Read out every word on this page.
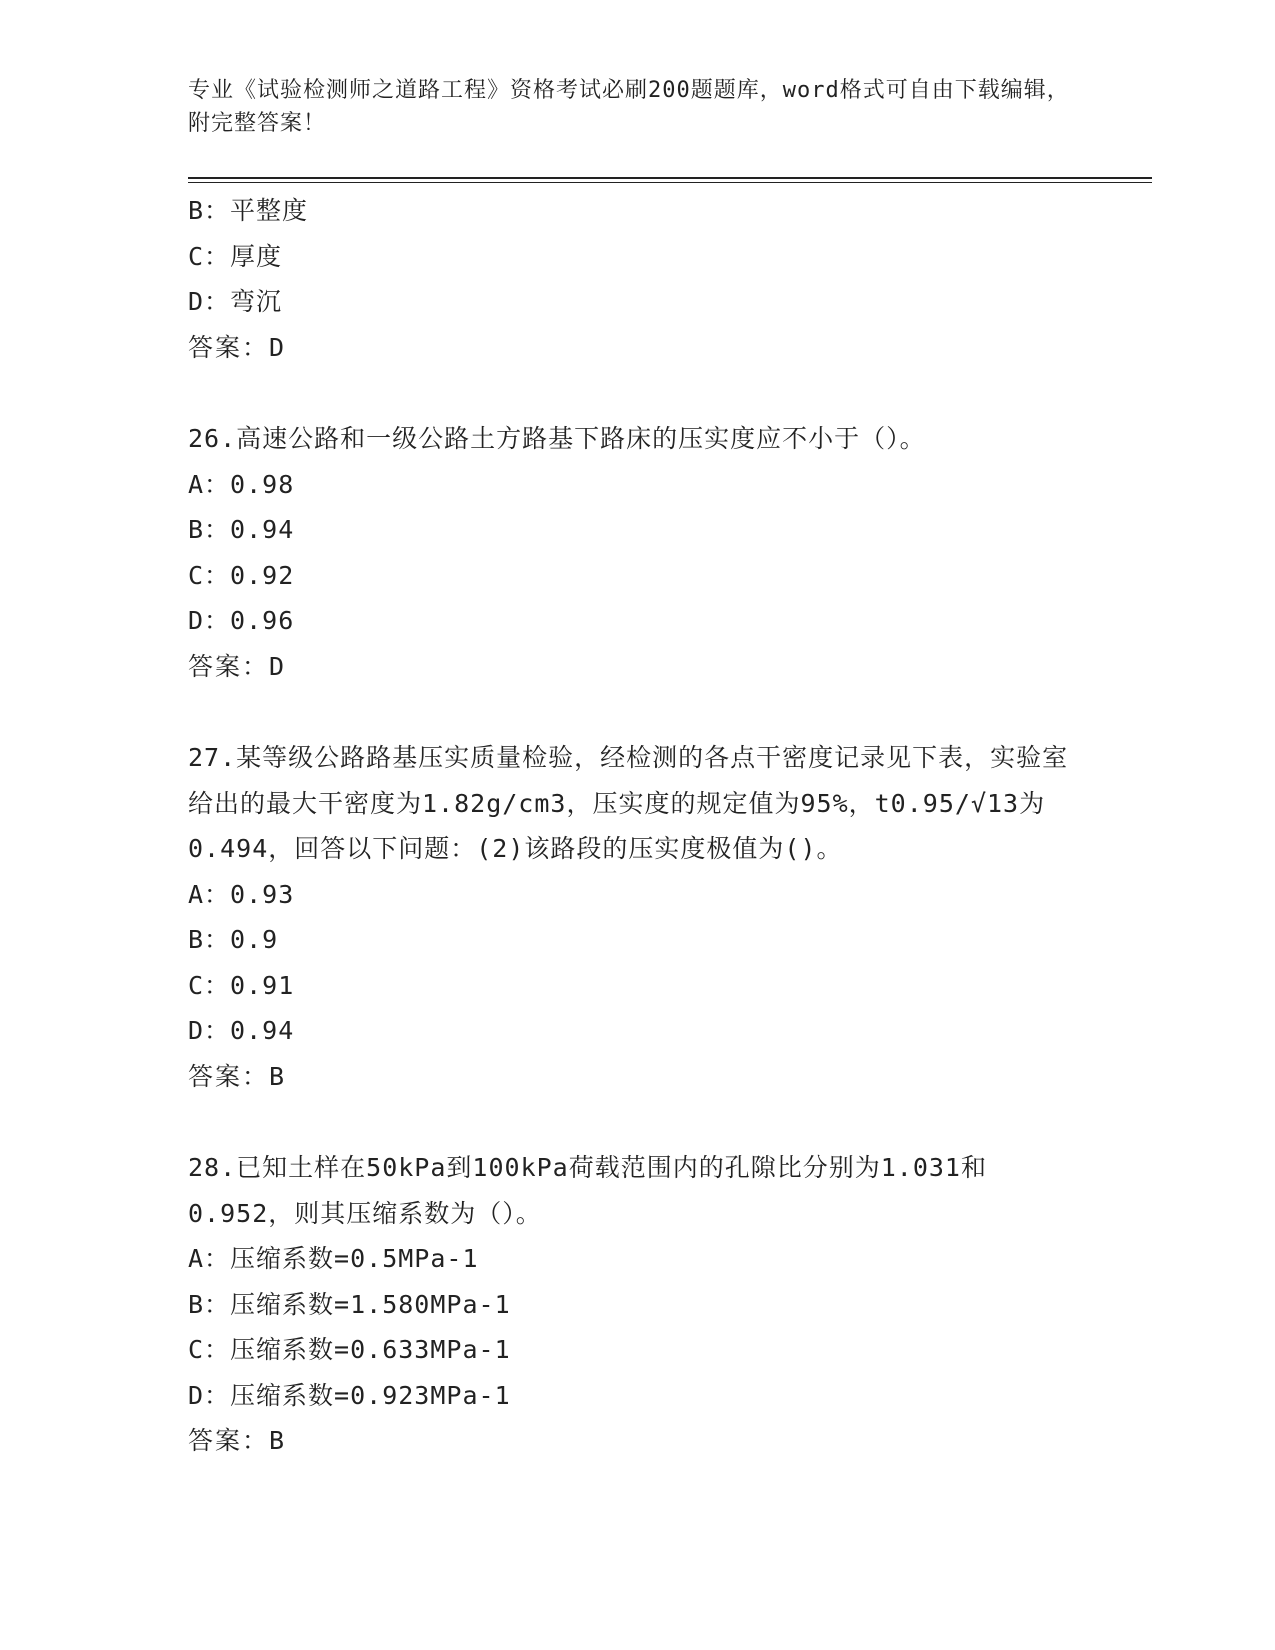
专业《试验检测师之道路工程》资格考试必刷200题题库，word格式可自由下载编辑，附完整答案！
B：平整度
C：厚度
D：弯沉
答案：D
26.高速公路和一级公路土方路基下路床的压实度应不小于（）。
A：0.98
B：0.94
C：0.92
D：0.96
答案：D
27.某等级公路路基压实质量检验，经检测的各点干密度记录见下表，实验室给出的最大干密度为1.82g/cm3，压实度的规定值为95%，t0.95/√13为0.494，回答以下问题：(2)该路段的压实度极值为()。
A：0.93
B：0.9
C：0.91
D：0.94
答案：B
28.已知土样在50kPa到100kPa荷载范围内的孔隙比分别为1.031和0.952，则其压缩系数为（）。
A：压缩系数=0.5MPa-1
B：压缩系数=1.580MPa-1
C：压缩系数=0.633MPa-1
D：压缩系数=0.923MPa-1
答案：B
